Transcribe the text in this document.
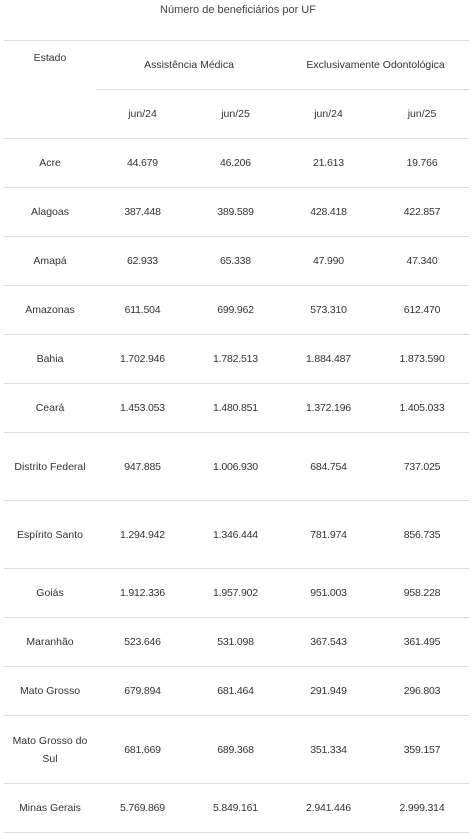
Número de beneficiários por UF
Estado	Assistência Médica		Exclusivamente Odontológica	
	jun/24	jun/25	jun/24	jun/25
Acre	44.679	46.206	21.613	19.766
Alagoas	387.448	389.589	428.418	422.857
Amapá	62.933	65.338	47.990	47.340
Amazonas	611.504	699.962	573.310	612.470
Bahia	1.702.946	1.782.513	1.884.487	1.873.590
Ceará	1.453.053	1.480.851	1.372.196	1.405.033
Distrito Federal	947.885	1.006.930	684.754	737.025
Espírito Santo	1.294.942	1.346.444	781.974	856.735
Goiás	1.912.336	1.957.902	951.003	958.228
Maranhão	523.646	531.098	367.543	361.495
Mato Grosso	679.894	681.464	291.949	296.803
Mato Grosso do Sul	681.669	689.368	351.334	359.157
Minas Gerais	5.769.869	5.849.161	2.941.446	2.999.314
